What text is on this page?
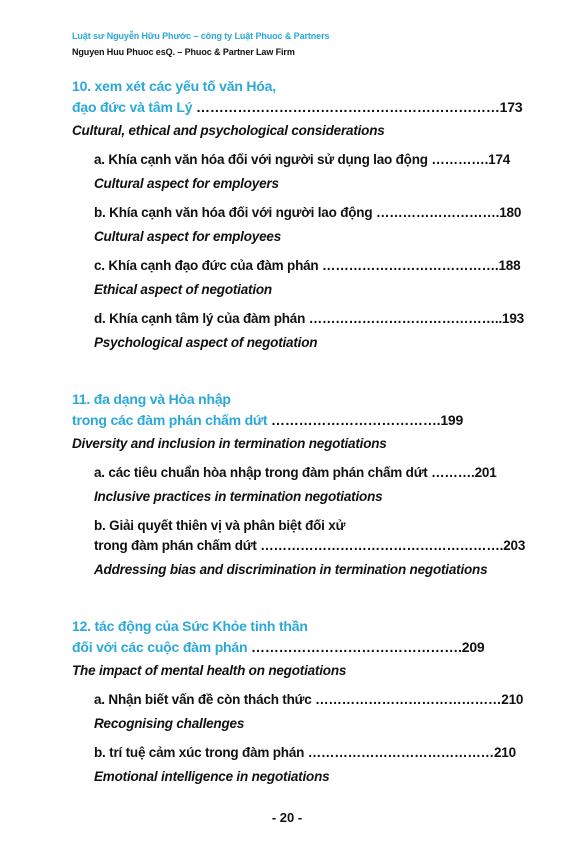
Luật sư Nguyễn Hữu Phước – công ty Luật Phuoc & Partners
Nguyen Huu Phuoc esQ. – Phuoc & Partner Law Firm
10. xem xét các yếu tố văn Hóa,
đạo đức và tâm Lý …………………………………………………………173
Cultural, ethical and psychological considerations
a. Khía cạnh văn hóa đối với người sử dụng lao động ………….174
Cultural aspect for employers
b. Khía cạnh văn hóa đối với người lao động ……………………….180
Cultural aspect for employees
c. Khía cạnh đạo đức của đàm phán ………………………………….188
Ethical aspect of negotiation
d. Khía cạnh tâm lý của đàm phán ……………………………………..193
Psychological aspect of negotiation
11. đa dạng và Hòa nhập
trong các đàm phán chấm dứt ……………………………….199
Diversity and inclusion in termination negotiations
a. các tiêu chuẩn hòa nhập trong đàm phán chấm dứt ……….201
Inclusive practices in termination negotiations
b. Giải quyết thiên vị và phân biệt đối xử
trong đàm phán chấm dứt ……………………………………………….203
Addressing bias and discrimination in termination negotiations
12. tác động của Sức Khỏe tinh thần
đối với các cuộc đàm phán ……………………………………….209
The impact of mental health on negotiations
a. Nhận biết vấn đề còn thách thức ……………………………………210
Recognising challenges
b. trí tuệ cảm xúc trong đàm phán ……………………………………210
Emotional intelligence in negotiations
- 20 -
